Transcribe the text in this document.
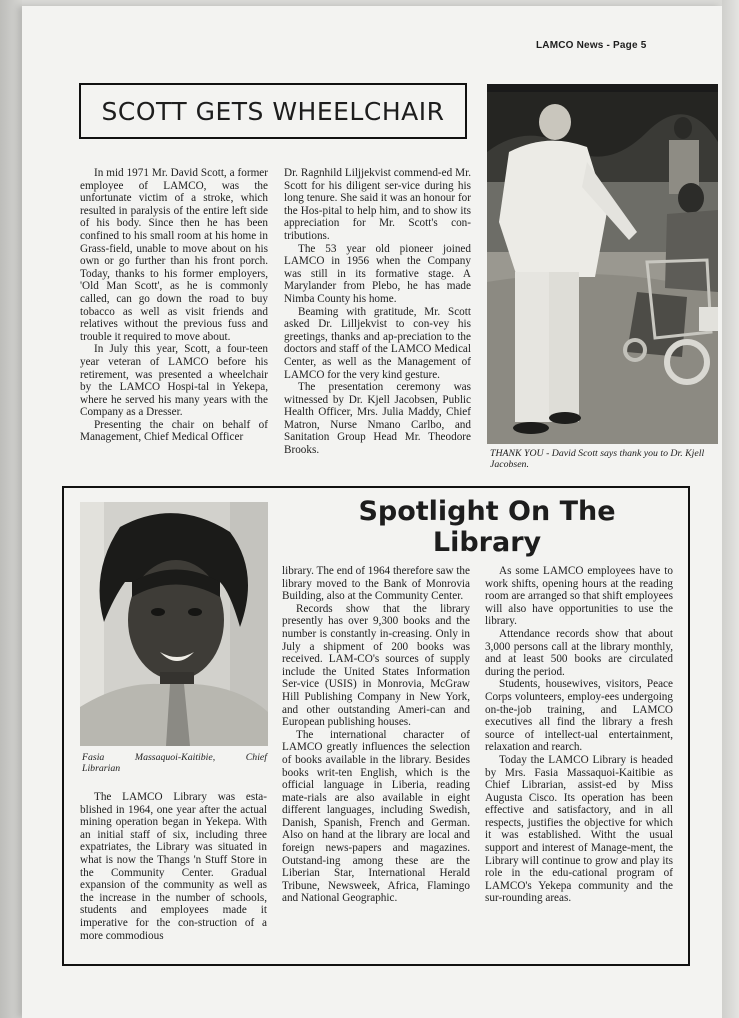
LAMCO News - Page 5
SCOTT GETS WHEELCHAIR

In mid 1971 Mr. David Scott, a former employee of LAMCO, was the unfortunate victim of a stroke, which resulted in paralysis of the entire left side of his body. Since then he has been confined to his small room at his home in Grass-field, unable to move about on his own or go further than his front porch. Today, thanks to his former employers, 'Old Man Scott', as he is commonly called, can go down the road to buy tobacco as well as visit friends and relatives without the previous fuss and trouble it required to move about.

In July this year, Scott, a four-teen year veteran of LAMCO before his retirement, was presented a wheelchair by the LAMCO Hospi-tal in Yekepa, where he served his many years with the Company as a Dresser.

Presenting the chair on behalf of Management, Chief Medical Officer

Dr. Ragnhild Liljjekvist commend-ed Mr. Scott for his diligent ser-vice during his long tenure. She said it was an honour for the Hos-pital to help him, and to show its appreciation for Mr. Scott's con-tributions.

The 53 year old pioneer joined LAMCO in 1956 when the Company was still in its formative stage. A Marylander from Plebo, he has made Nimba County his home.

Beaming with gratitude, Mr. Scott asked Dr. Lilljekvist to con-vey his greetings, thanks and ap-preciation to the doctors and staff of the LAMCO Medical Center, as well as the Management of LAMCO for the very kind gesture.

The presentation ceremony was witnessed by Dr. Kjell Jacobsen, Public Health Officer, Mrs. Julia Maddy, Chief Matron, Nurse Nmano Carlbo, and Sanitation Group Head Mr. Theodore Brooks.	THANK YOU - David Scott says thank you to Dr. Kjell Jacobsen.
Spotlight On The Library
Fasia	Massaquoi-Kaitibie,	Chief
Librarian

The LAMCO Library was esta-blished in 1964, one year after the actual mining operation began in Yekepa. With an initial staff of six, including three expatriates, the Library was situated in what is now the Thangs 'n Stuff Store in the Community Center. Gradual expansion of the community as well as the increase in the number of schools, students and employees made it imperative for the con-struction of a more commodious

library. The end of 1964 therefore saw the library moved to the Bank of Monrovia Building, also at the Community Center.

Records show that the library presently has over 9,300 books and the number is constantly in-creasing. Only in July a shipment of 200 books was received. LAM-CO's sources of supply include the United States Information Ser-vice (USIS) in Monrovia, McGraw Hill Publishing Company in New York, and other outstanding Ameri-can and European publishing houses.

The international character of LAMCO greatly influences the selection of books available in the library. Besides books writ-ten English, which is the official language in Liberia, reading mate-rials are also available in eight different languages, including Swedish, Danish, Spanish, French and German. Also on hand at the library are local and foreign news-papers and magazines. Outstand-ing among these are the Liberian Star, International Herald Tribune, Newsweek, Africa, Flamingo and National Geographic.

As some LAMCO employees have to work shifts, opening hours at the reading room are arranged so that shift employees will also have opportunities to use the library.

Attendance records show that about 3,000 persons call at the library monthly, and at least 500 books are circulated during the period.

Students, housewives, visitors, Peace Corps volunteers, employ-ees undergoing on-the-job training, and LAMCO executives all find the library a fresh source of intellect-ual entertainment, relaxation and rearch.

Today the LAMCO Library is headed by Mrs. Fasia Massaquoi-Kaitibie as Chief Librarian, assist-ed by Miss Augusta Cisco. Its operation has been effective and satisfactory, and in all respects, justifies the objective for which it was established. Witht the usual support and interest of Manage-ment, the Library will continue to grow and play its role in the edu-cational program of LAMCO's Yekepa community and the sur-rounding areas.
